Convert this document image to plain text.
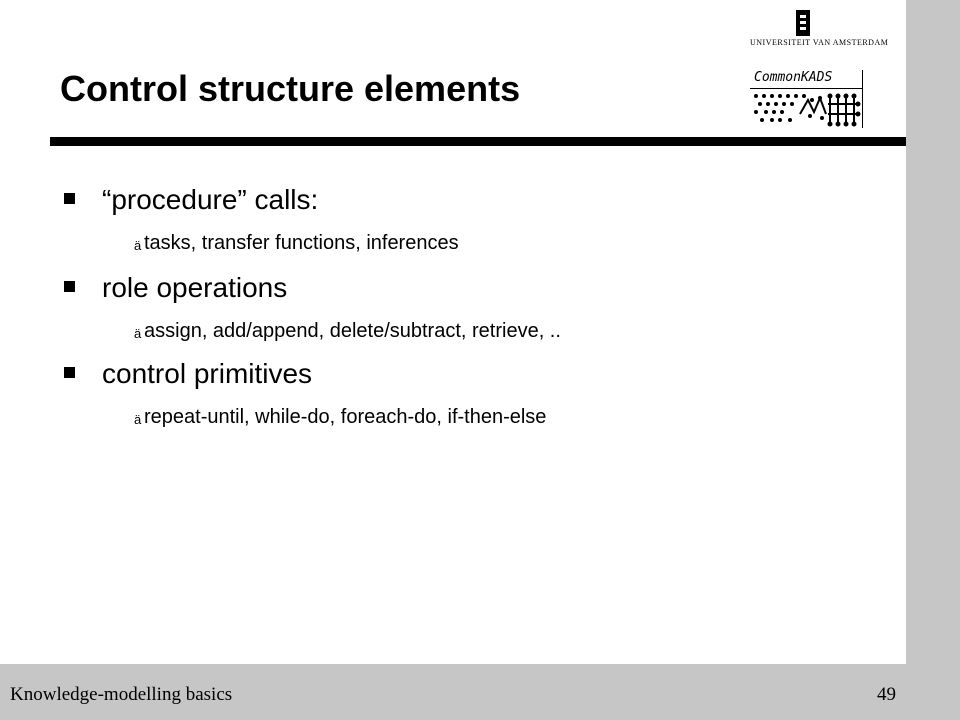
UNIVERSITEIT VAN AMSTERDAM
CommonKADS
Control structure elements
“procedure” calls:
ä tasks, transfer functions, inferences
role operations
ä assign, add/append, delete/subtract, retrieve, ..
control primitives
ä repeat-until, while-do, foreach-do, if-then-else
Knowledge-modelling basics	49
